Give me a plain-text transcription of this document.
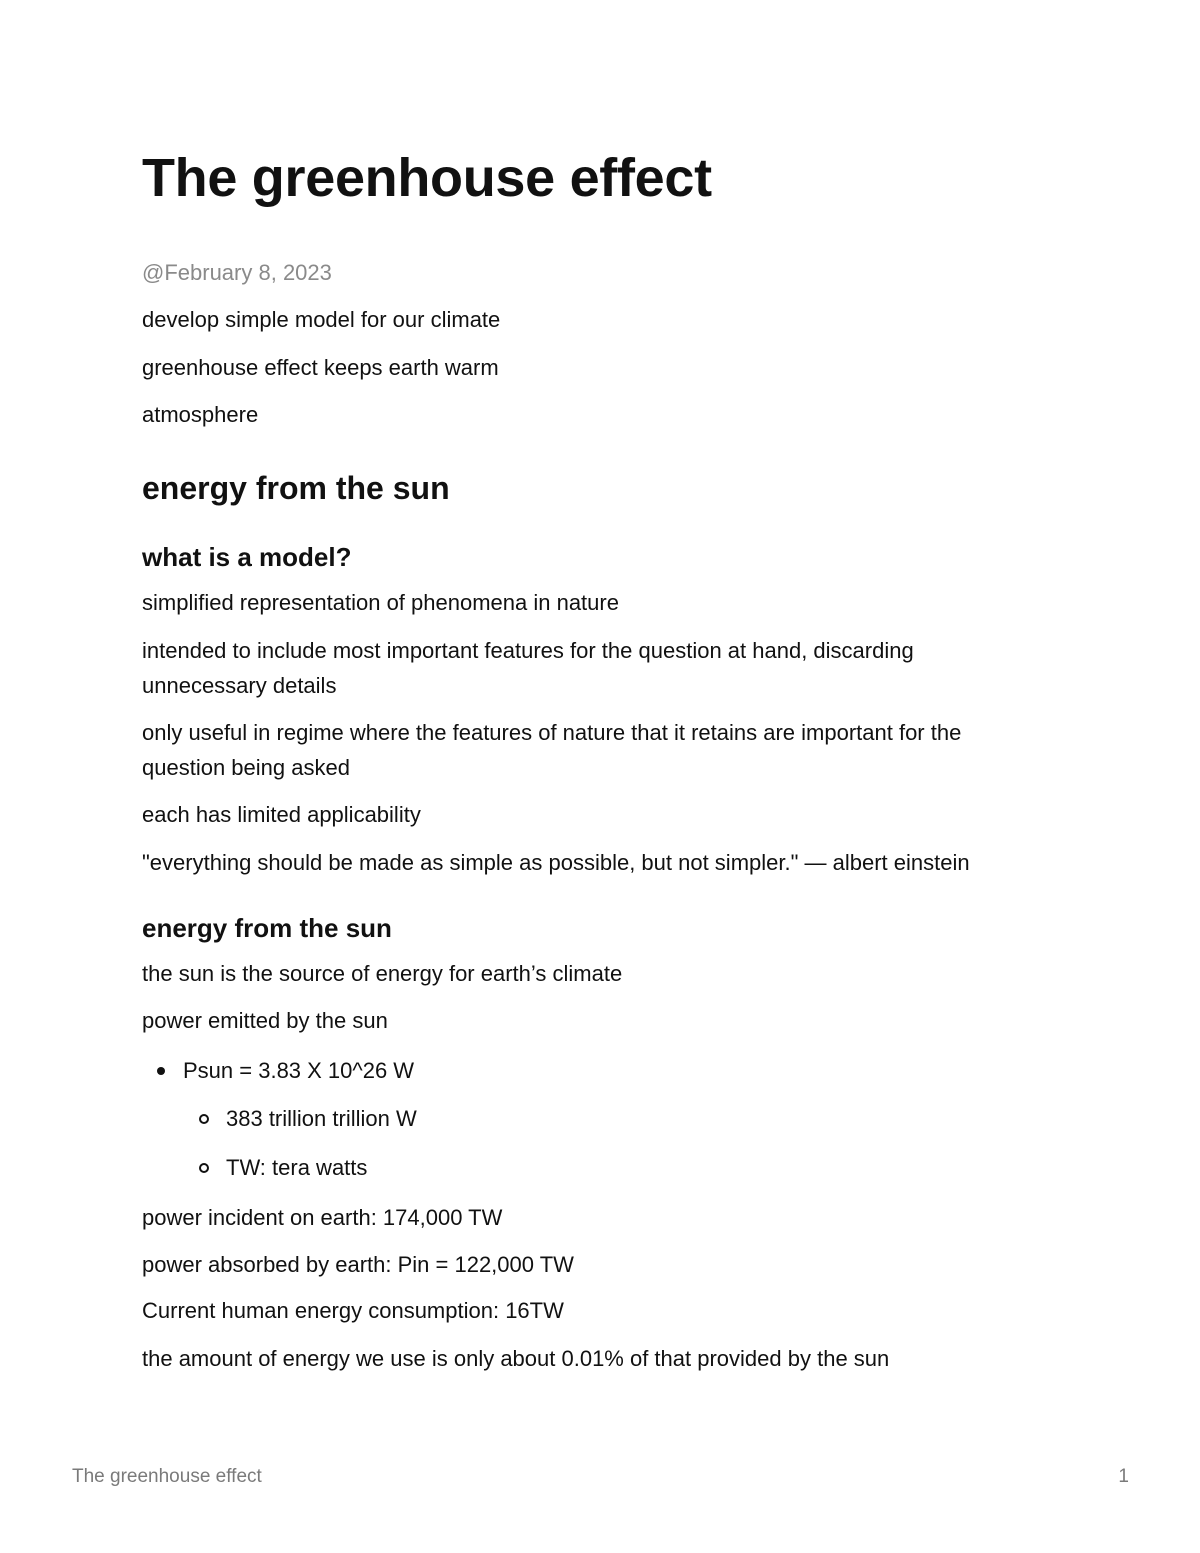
The greenhouse effect
@February 8, 2023

develop simple model for our climate

greenhouse effect keeps earth warm

atmosphere

energy from the sun
what is a model?

simplified representation of phenomena in nature

intended to include most important features for the question at hand, discarding unnecessary details

only useful in regime where the features of nature that it retains are important for the question being asked

each has limited applicability

"everything should be made as simple as possible, but not simpler." — albert einstein

energy from the sun

the sun is the source of energy for earth’s climate

power emitted by the sun

Psun = 3.83 X 10^26 W
383 trillion trillion W
TW: tera watts

power incident on earth: 174,000 TW

power absorbed by earth: Pin = 122,000 TW

Current human energy consumption: 16TW

the amount of energy we use is only about 0.01% of that provided by the sun

The greenhouse effect	1
